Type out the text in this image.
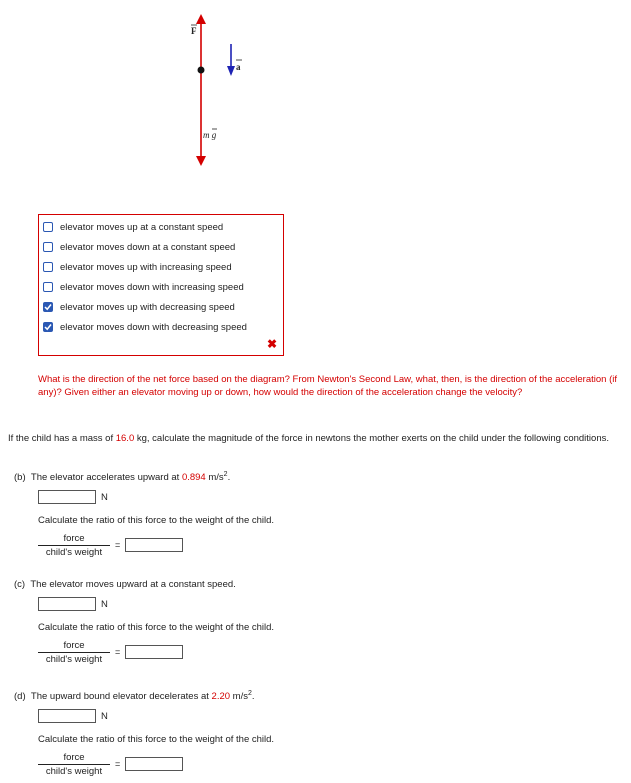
F
a
m g
elevator moves up at a constant speed
elevator moves down at a constant speed
elevator moves up with increasing speed
elevator moves down with increasing speed
elevator moves up with decreasing speed
elevator moves down with decreasing speed
✖
What is the direction of the net force based on the diagram? From Newton's Second Law, what, then, is the direction of the acceleration (if any)? Given either an elevator moving up or down, how would the direction of the acceleration change the velocity?
If the child has a mass of 16.0 kg, calculate the magnitude of the force in newtons the mother exerts on the child under the following conditions.
(b) The elevator accelerates upward at 0.894 $m/s^2$.
N
Calculate the ratio of this force to the weight of the child.
force
child's weight
=
(c) The elevator moves upward at a constant speed.
N
Calculate the ratio of this force to the weight of the child.
force
child's weight
=
(d) The upward bound elevator decelerates at 2.20 $m/s^2$.
N
Calculate the ratio of this force to the weight of the child.
force
child's weight
=
